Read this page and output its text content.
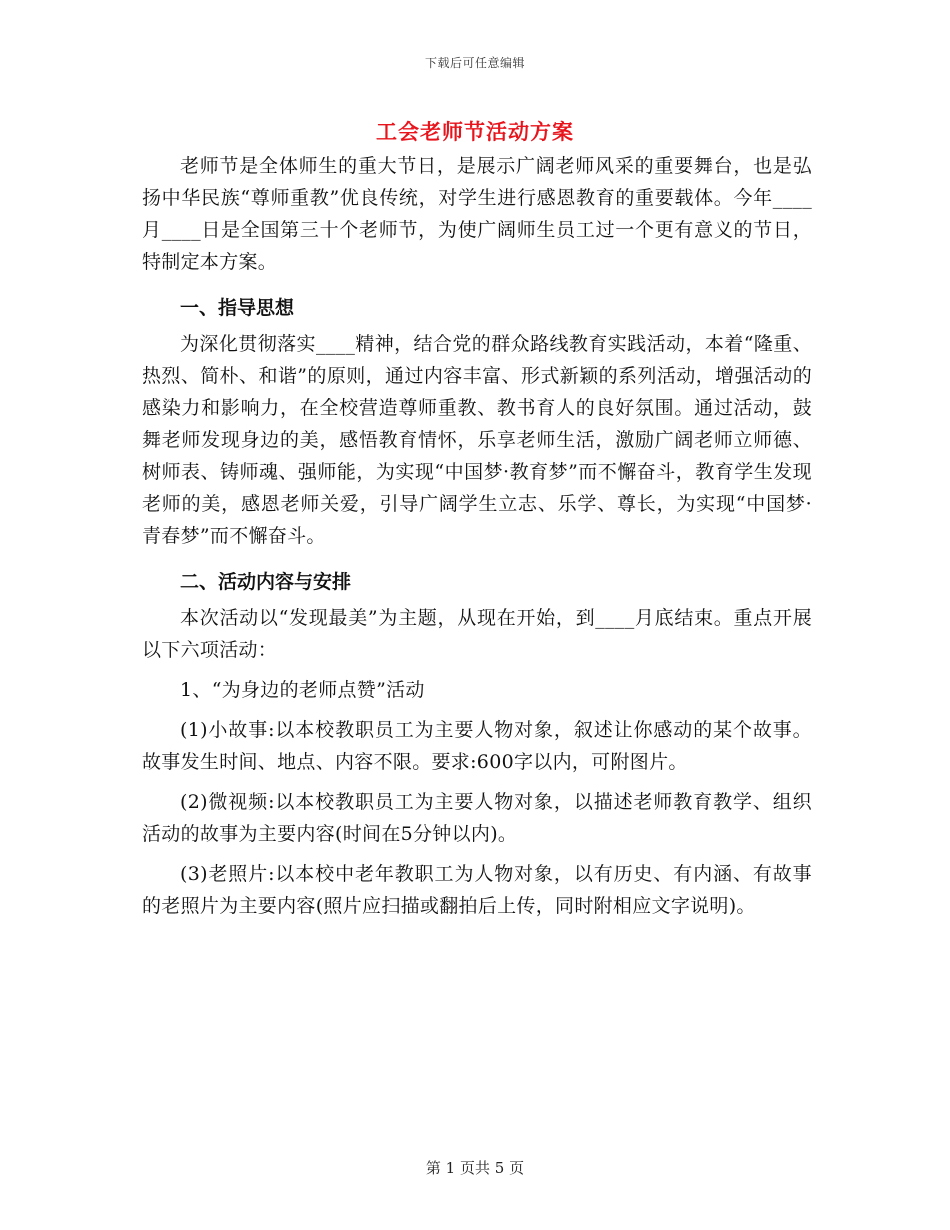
下载后可任意编辑
工会老师节活动方案

老师节是全体师生的重大节日，是展示广阔老师风采的重要舞台，也是弘扬中华民族“尊师重教”优良传统，对学生进行感恩教育的重要载体。今年____月____日是全国第三十个老师节，为使广阔师生员工过一个更有意义的节日，特制定本方案。

一、指导思想

为深化贯彻落实____精神，结合党的群众路线教育实践活动，本着“隆重、热烈、简朴、和谐”的原则，通过内容丰富、形式新颖的系列活动，增强活动的感染力和影响力，在全校营造尊师重教、教书育人的良好氛围。通过活动，鼓舞老师发现身边的美，感悟教育情怀，乐享老师生活，激励广阔老师立师德、树师表、铸师魂、强师能，为实现“中国梦·教育梦”而不懈奋斗，教育学生发现老师的美，感恩老师关爱，引导广阔学生立志、乐学、尊长，为实现“中国梦·青春梦”而不懈奋斗。

二、活动内容与安排

本次活动以“发现最美”为主题，从现在开始，到____月底结束。重点开展以下六项活动：

1、“为身边的老师点赞”活动

(1)小故事:以本校教职员工为主要人物对象，叙述让你感动的某个故事。故事发生时间、地点、内容不限。要求:600字以内，可附图片。

(2)微视频:以本校教职员工为主要人物对象，以描述老师教育教学、组织活动的故事为主要内容(时间在5分钟以内)。

(3)老照片:以本校中老年教职工为人物对象，以有历史、有内涵、有故事的老照片为主要内容(照片应扫描或翻拍后上传，同时附相应文字说明)。

第 1 页共 5 页
